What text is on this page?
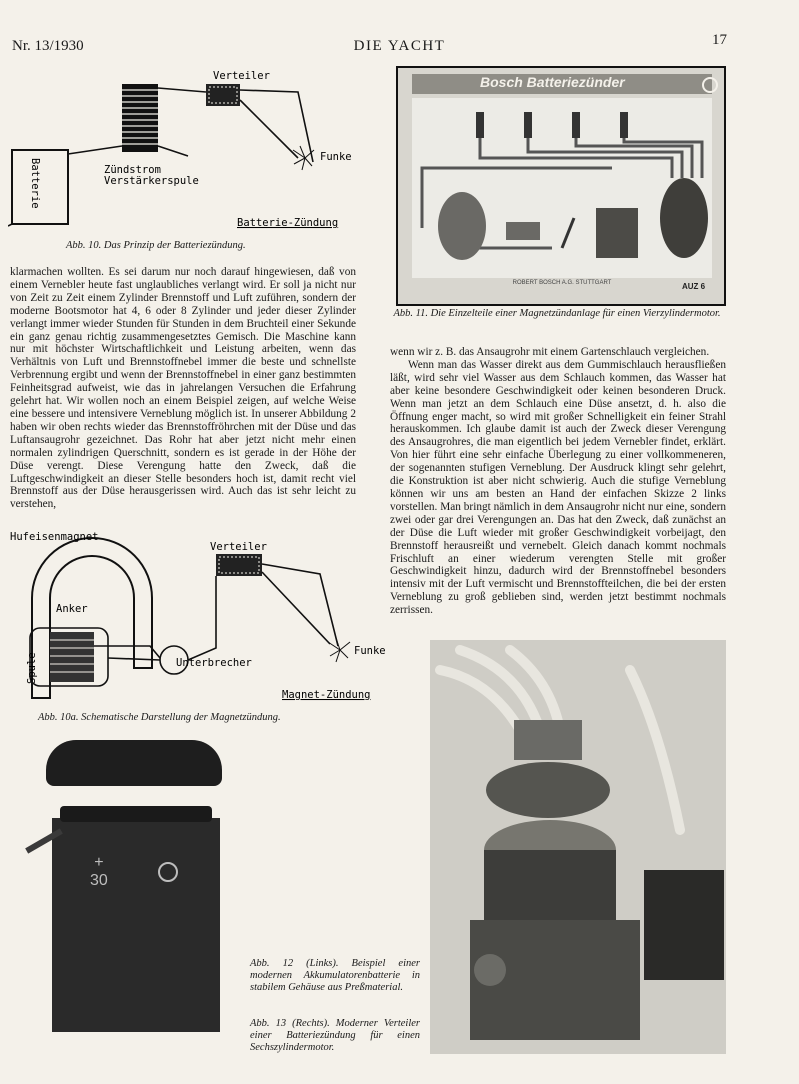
Nr. 13/1930	DIE YACHT	17
Verteiler
Funke
Batterie	Zündstrom
Verstärkerspule
Batterie-Zündung
Abb. 10. Das Prinzip der Batteriezündung.
Bosch Batteriezünder
ROBERT BOSCH A.G. STUTTGART	AUZ 6
Abb. 11. Die Einzelteile einer Magnetzündanlage für einen Vierzylindermotor.

klarmachen wollten. Es sei darum nur noch darauf hingewiesen, daß von einem Vernebler heute fast unglaubliches verlangt wird. Er soll ja nicht nur von Zeit zu Zeit einem Zylinder Brennstoff und Luft zuführen, sondern der moderne Bootsmotor hat 4, 6 oder 8 Zylinder und jeder dieser Zylinder verlangt immer wieder Stunden für Stunden in dem Bruchteil einer Sekunde ein ganz genau richtig zusammengesetztes Gemisch. Die Maschine kann nur mit höchster Wirtschaftlichkeit und Leistung arbeiten, wenn das Verhältnis von Luft und Brennstoffnebel immer die beste und schnellste Verbrennung ergibt und wenn der Brennstoffnebel in einer ganz bestimmten Feinheitsgrad aufweist, wie das in jahrelangen Versuchen die Erfahrung gelehrt hat. Wir wollen noch an einem Beispiel zeigen, auf welche Weise eine bessere und intensivere Verneblung möglich ist. In unserer Abbildung 2 haben wir oben rechts wieder das Brennstoffröhrchen mit der Düse und das Luftansaugrohr gezeichnet. Das Rohr hat aber jetzt nicht mehr einen normalen zylindrigen Querschnitt, sondern es ist gerade in der Höhe der Düse verengt. Diese Verengung hatte den Zweck, daß die Luftgeschwindigkeit an dieser Stelle besonders hoch ist, damit recht viel Brennstoff aus der Düse herausgerissen wird. Auch das ist sehr leicht zu verstehen,

wenn wir z. B. das Ansaugrohr mit einem Gartenschlauch vergleichen.

Wenn man das Wasser direkt aus dem Gummischlauch herausfließen läßt, wird sehr viel Wasser aus dem Schlauch kommen, das Wasser hat aber keine besondere Geschwindigkeit oder keinen besonderen Druck. Wenn man jetzt an dem Schlauch eine Düse ansetzt, d. h. also die Öffnung enger macht, so wird mit großer Schnelligkeit ein feiner Strahl herauskommen. Ich glaube damit ist auch der Zweck dieser Verengung des Ansaugrohres, die man eigentlich bei jedem Vernebler findet, erklärt. Von hier führt eine sehr einfache Überlegung zu einer vollkommeneren, der sogenannten stufigen Verneblung. Der Ausdruck klingt sehr gelehrt, die Konstruktion ist aber nicht schwierig. Auch die stufige Verneblung können wir uns am besten an Hand der einfachen Skizze 2 links vorstellen. Man bringt nämlich in dem Ansaugrohr nicht nur eine, sondern zwei oder gar drei Verengungen an. Das hat den Zweck, daß zunächst an der Düse die Luft wieder mit großer Geschwindigkeit vorbeijagt, den Brennstoff herausreißt und vernebelt. Gleich danach kommt nochmals Frischluft an einer wiederum verengten Stelle mit großer Geschwindigkeit hinzu, dadurch wird der Brennstoffnebel besonders intensiv mit der Luft vermischt und Brennstoffteilchen, die bei der ersten Verneblung zu groß geblieben sind, werden jetzt bestimmt nochmals zerrissen.

Hufeisenmagnet
Verteiler
Anker
Spule	Unterbrecher
Funke
Magnet-Zündung
Abb. 10a. Schematische Darstellung der Magnetzündung.
+
30
Abb. 12 (Links). Beispiel einer modernen Akkumulatorenbatterie in stabilem Gehäuse aus Preßmaterial.
Abb. 13 (Rechts). Moderner Verteiler einer Batteriezündung für einen Sechszylindermotor.
